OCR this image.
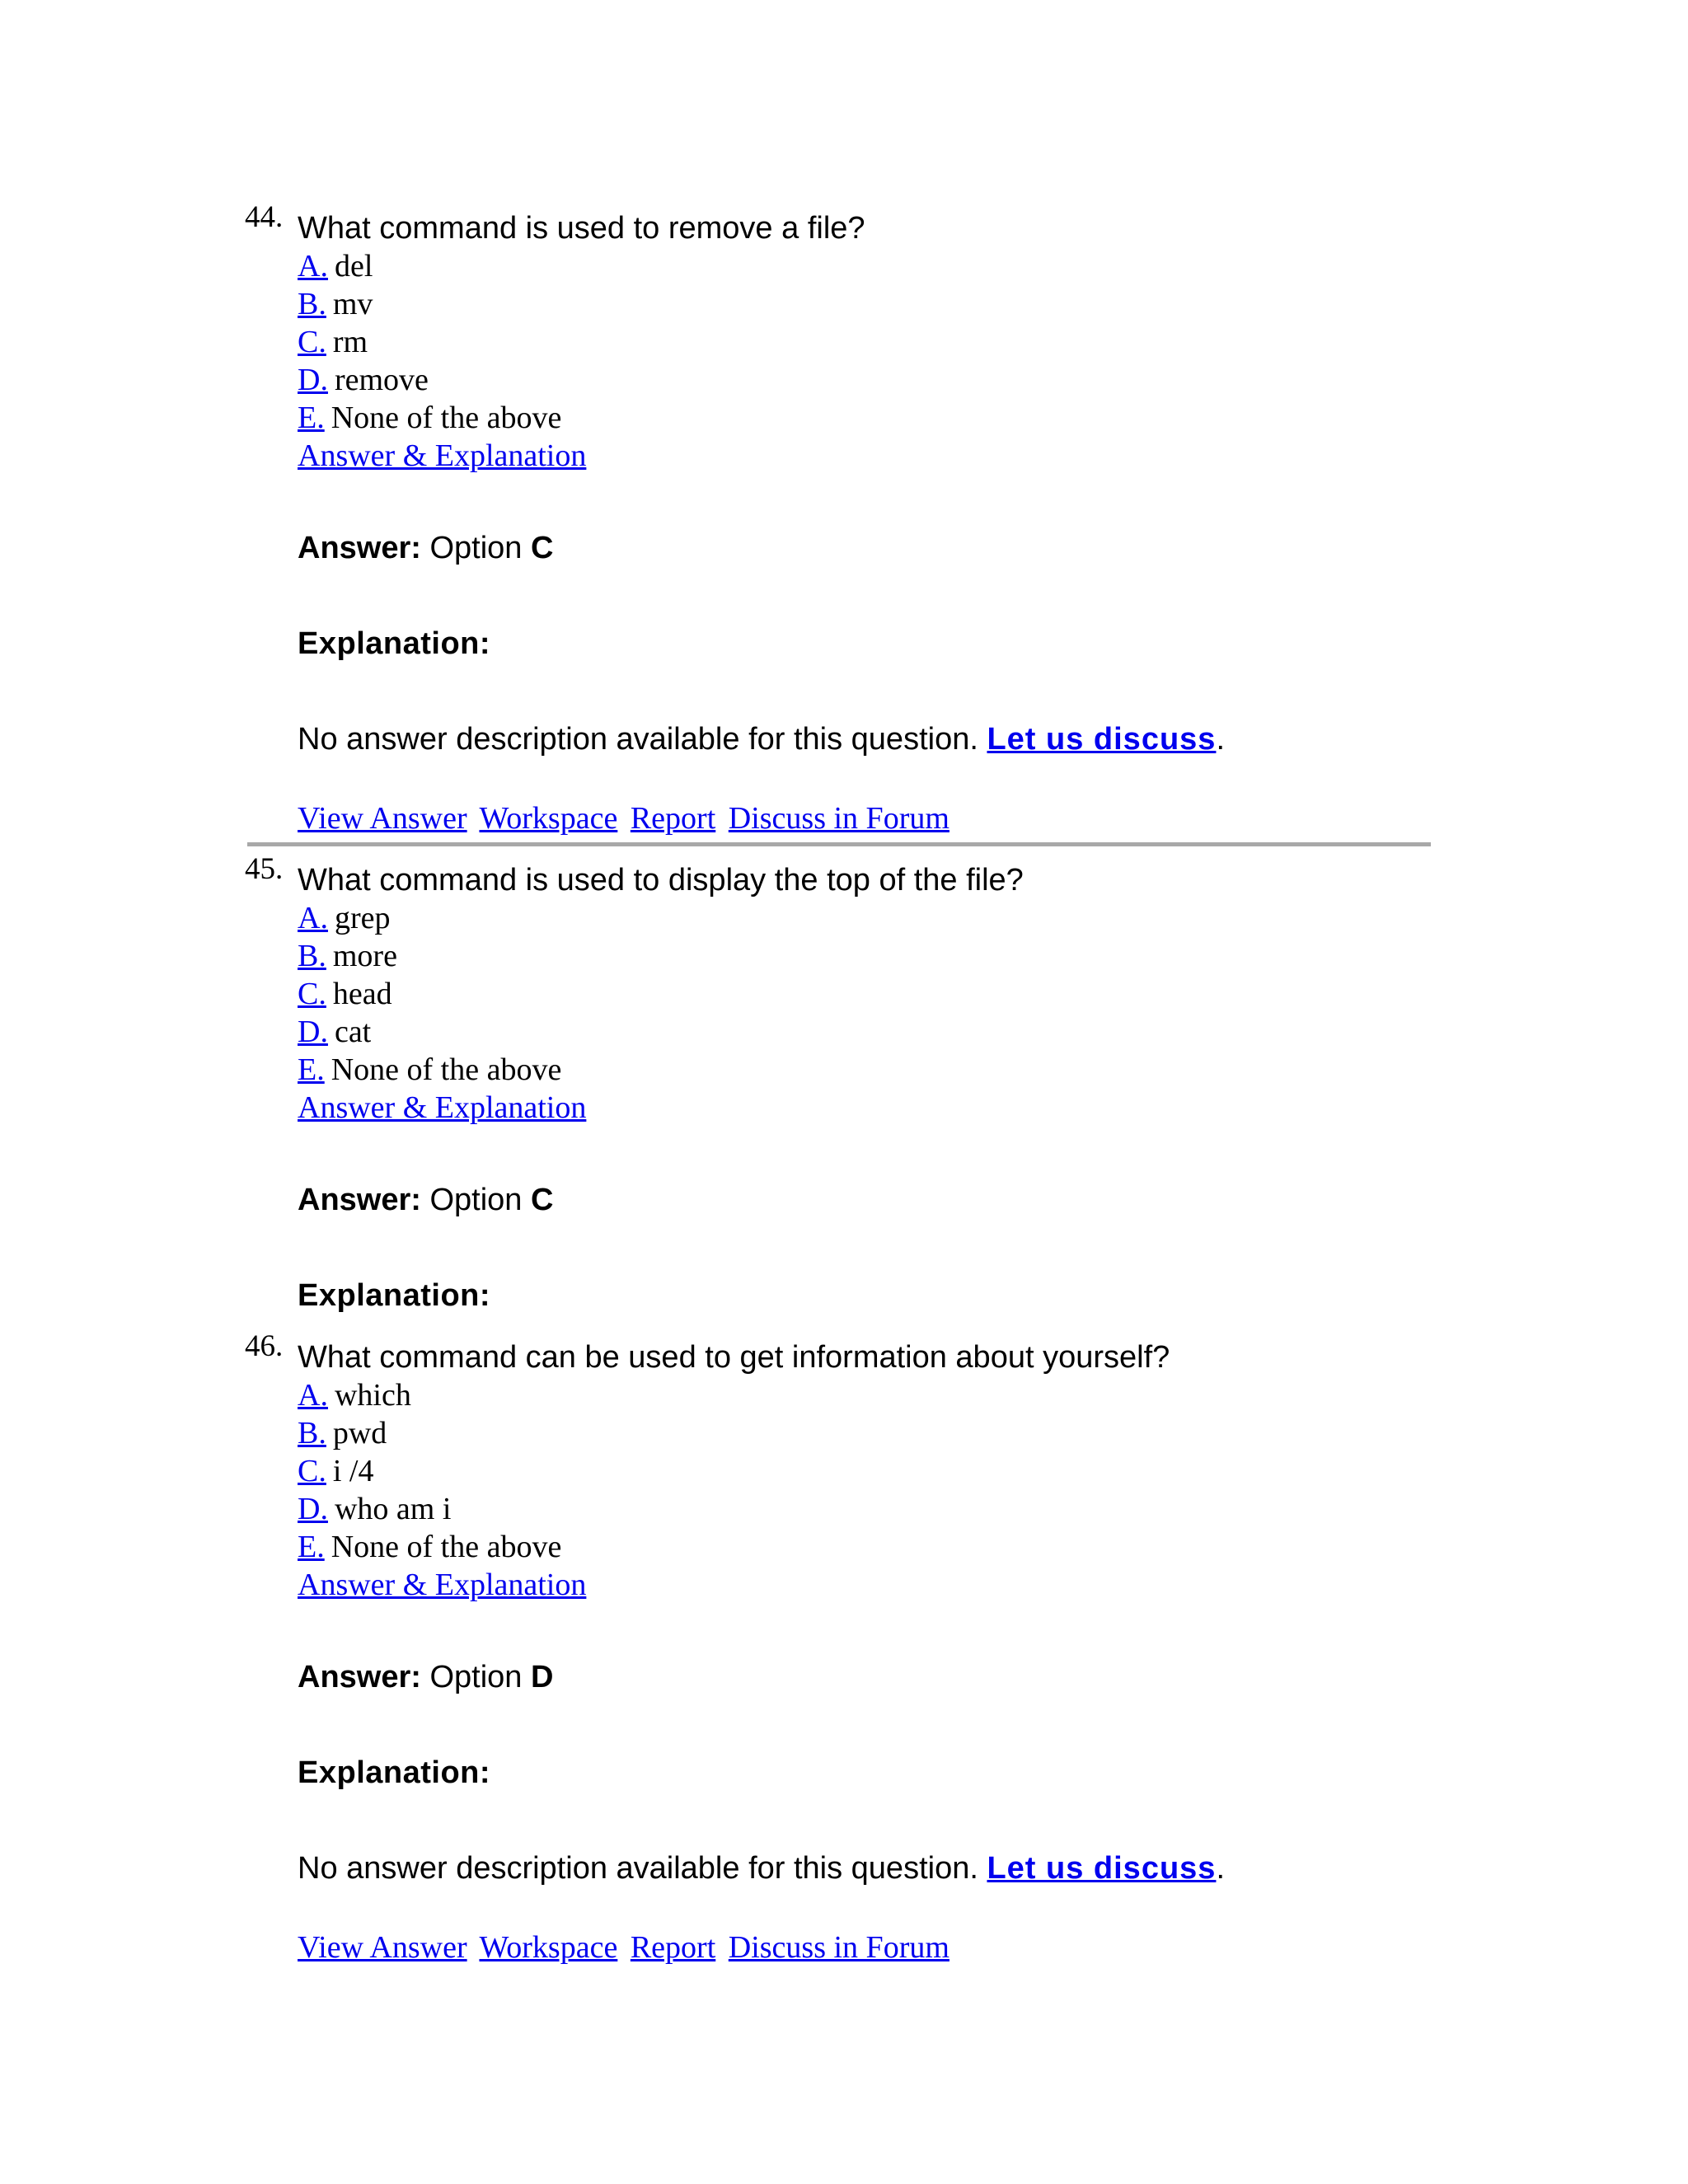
44. What command is used to remove a file?
A. del
B. mv
C. rm
D. remove
E. None of the above
Answer & Explanation
Answer: Option C
Explanation:
No answer description available for this question. Let us discuss.
View Answer Workspace Report Discuss in Forum
45. What command is used to display the top of the file?
A. grep
B. more
C. head
D. cat
E. None of the above
Answer & Explanation
Answer: Option C
Explanation:
46. What command can be used to get information about yourself?
A. which
B. pwd
C. i /4
D. who am i
E. None of the above
Answer & Explanation
Answer: Option D
Explanation:
No answer description available for this question. Let us discuss.
View Answer Workspace Report Discuss in Forum
